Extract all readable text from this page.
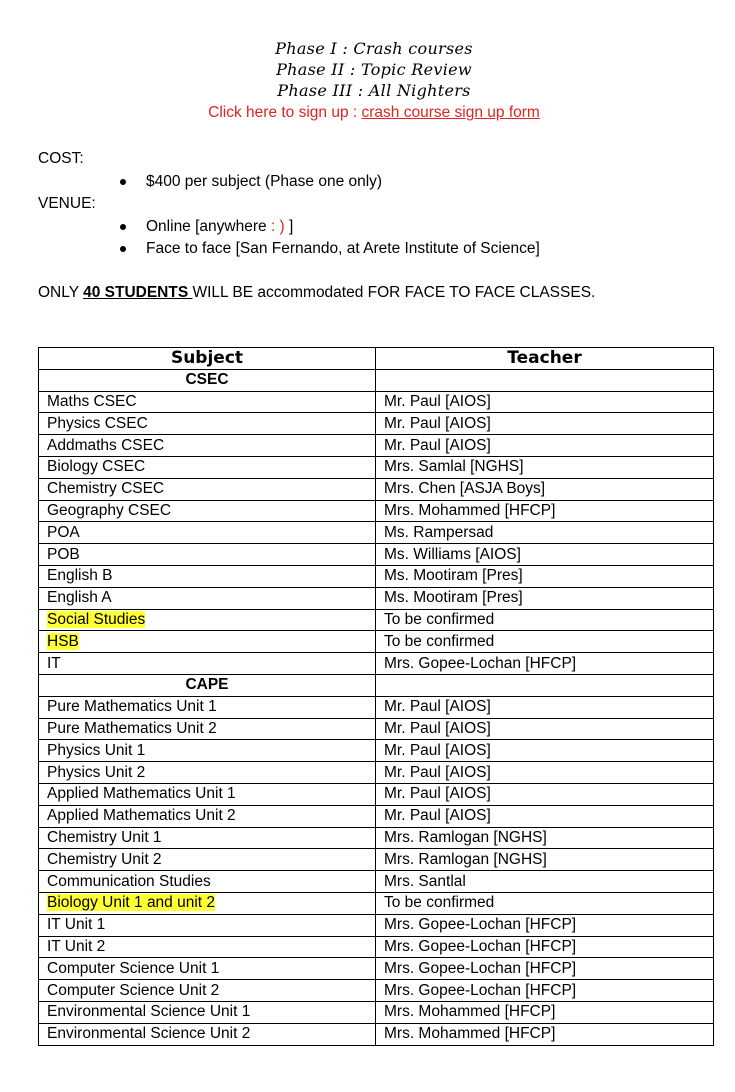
Phase I : Crash courses
Phase II : Topic Review
Phase III : All Nighters
Click here to sign up : crash course sign up form
COST:
$400 per subject (Phase one only)
VENUE:
Online [anywhere : ) ]
Face to face [San Fernando, at Arete Institute of Science]
ONLY 40 STUDENTS WILL BE accommodated FOR FACE TO FACE CLASSES.
Subject	Teacher
CSEC	
Maths CSEC	Mr. Paul [AIOS]
Physics CSEC	Mr. Paul [AIOS]
Addmaths CSEC	Mr. Paul [AIOS]
Biology CSEC	Mrs. Samlal [NGHS]
Chemistry CSEC	Mrs. Chen [ASJA Boys]
Geography CSEC	Mrs. Mohammed [HFCP]
POA	Ms. Rampersad
POB	Ms. Williams [AIOS]
English B	Ms. Mootiram [Pres]
English A	Ms. Mootiram [Pres]
Social Studies	To be confirmed
HSB	To be confirmed
IT	Mrs. Gopee-Lochan [HFCP]
CAPE	
Pure Mathematics Unit 1	Mr. Paul [AIOS]
Pure Mathematics Unit 2	Mr. Paul [AIOS]
Physics Unit 1	Mr. Paul [AIOS]
Physics Unit 2	Mr. Paul [AIOS]
Applied Mathematics Unit 1	Mr. Paul [AIOS]
Applied Mathematics Unit 2	Mr. Paul [AIOS]
Chemistry Unit 1	Mrs. Ramlogan [NGHS]
Chemistry Unit 2	Mrs. Ramlogan [NGHS]
Communication Studies	Mrs. Santlal
Biology Unit 1 and unit 2	To be confirmed
IT Unit 1	Mrs. Gopee-Lochan [HFCP]
IT Unit 2	Mrs. Gopee-Lochan [HFCP]
Computer Science Unit 1	Mrs. Gopee-Lochan [HFCP]
Computer Science Unit 2	Mrs. Gopee-Lochan [HFCP]
Environmental Science Unit 1	Mrs. Mohammed [HFCP]
Environmental Science Unit 2	Mrs. Mohammed [HFCP]
